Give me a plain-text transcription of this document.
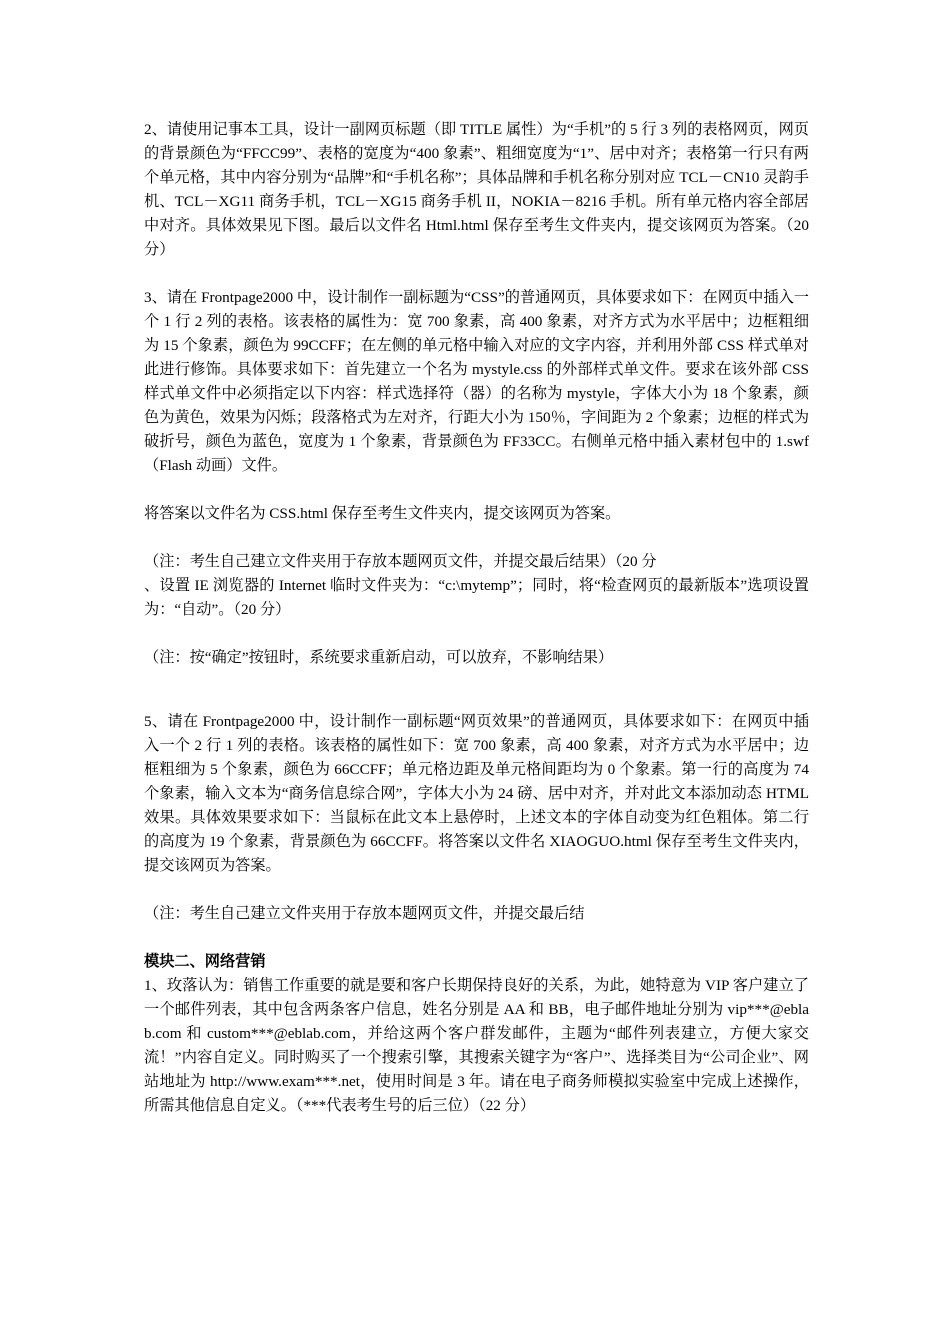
2、请使用记事本工具，设计一副网页标题（即 TITLE 属性）为“手机”的 5 行 3 列的表格网页，网页的背景颜色为“FFCC99”、表格的宽度为“400 象素”、粗细宽度为“1”、居中对齐；表格第一行只有两个单元格，其中内容分别为“品牌”和“手机名称”；具体品牌和手机名称分别对应 TCL－CN10 灵韵手机、TCL－XG11 商务手机，TCL－XG15 商务手机 II，NOKIA－8216 手机。所有单元格内容全部居中对齐。具体效果见下图。最后以文件名 Html.html 保存至考生文件夹内，提交该网页为答案。（20 分）

3、请在 Frontpage2000 中，设计制作一副标题为“CSS”的普通网页，具体要求如下：在网页中插入一个 1 行 2 列的表格。该表格的属性为：宽 700 象素，高 400 象素，对齐方式为水平居中；边框粗细为 15 个象素，颜色为 99CCFF；在左侧的单元格中输入对应的文字内容，并利用外部 CSS 样式单对此进行修饰。具体要求如下：首先建立一个名为 mystyle.css 的外部样式单文件。要求在该外部 CSS 样式单文件中必须指定以下内容：样式选择符（器）的名称为 mystyle，字体大小为 18 个象素，颜色为黄色，效果为闪烁；段落格式为左对齐，行距大小为 150％，字间距为 2 个象素；边框的样式为破折号，颜色为蓝色，宽度为 1 个象素，背景颜色为 FF33CC。右侧单元格中插入素材包中的 1.swf（Flash 动画）文件。

将答案以文件名为 CSS.html 保存至考生文件夹内，提交该网页为答案。

（注：考生自己建立文件夹用于存放本题网页文件，并提交最后结果）（20 分

、设置 IE 浏览器的 Internet 临时文件夹为：“c:\mytemp”；同时，将“检查网页的最新版本”选项设置为：“自动”。（20 分）

（注：按“确定”按钮时，系统要求重新启动，可以放弃，不影响结果）

5、请在 Frontpage2000 中，设计制作一副标题“网页效果”的普通网页，具体要求如下：在网页中插入一个 2 行 1 列的表格。该表格的属性如下：宽 700 象素，高 400 象素，对齐方式为水平居中；边框粗细为 5 个象素，颜色为 66CCFF；单元格边距及单元格间距均为 0 个象素。第一行的高度为 74 个象素，输入文本为“商务信息综合网”，字体大小为 24 磅、居中对齐，并对此文本添加动态 HTML 效果。具体效果要求如下：当鼠标在此文本上悬停时，上述文本的字体自动变为红色粗体。第二行的高度为 19 个象素，背景颜色为 66CCFF。将答案以文件名 XIAOGUO.html 保存至考生文件夹内，提交该网页为答案。

（注：考生自己建立文件夹用于存放本题网页文件，并提交最后结

模块二、网络营销

1、玫落认为：销售工作重要的就是要和客户长期保持良好的关系，为此，她特意为 VIP 客户建立了一个邮件列表，其中包含两条客户信息，姓名分别是 AA 和 BB，电子邮件地址分别为 vip***@eblab.com 和 custom***@eblab.com，并给这两个客户群发邮件，主题为“邮件列表建立，方便大家交流！”内容自定义。同时购买了一个搜索引擎，其搜索关键字为“客户”、选择类目为“公司企业”、网站地址为 http://www.exam***.net，使用时间是 3 年。请在电子商务师模拟实验室中完成上述操作，所需其他信息自定义。（***代表考生号的后三位）（22 分）
